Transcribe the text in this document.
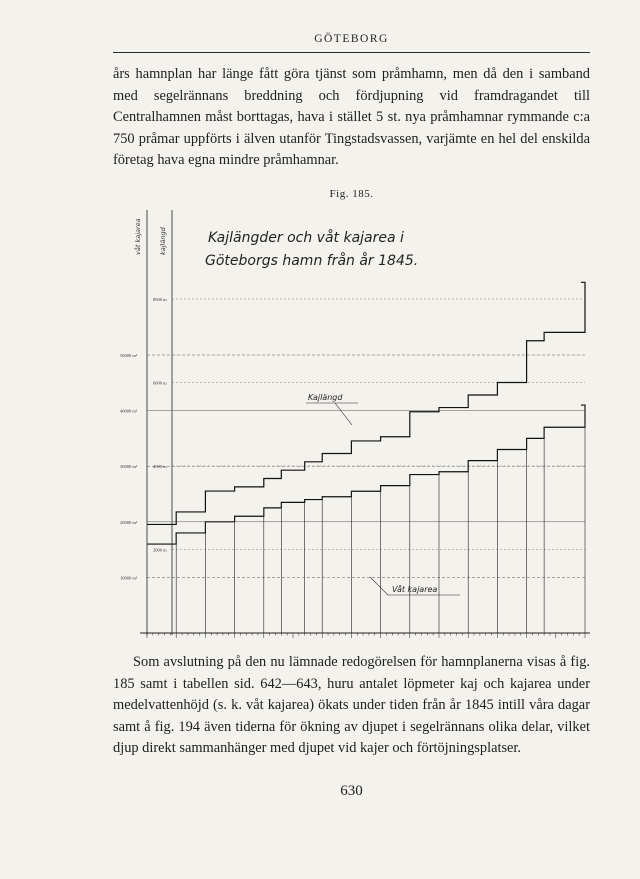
GÖTEBORG

års hamnplan har länge fått göra tjänst som pråmhamn, men då den i samband med segelrännans breddning och fördjupning vid framdragandet till Centralhamnen måst borttagas, hava i stället 5 st. nya pråmhamnar rymmande c:a 750 pråmar uppförts i älven utanför Tingstadsvassen, varjämte en hel del enskilda företag hava egna mindre pråmhamnar.

Fig. 185.
våt kajarea	kajlängd	Kajlängder och våt kajarea i
Göteborgs hamn från år 1845.
10000 m²
20000 m²
30000 m²
40000 m²
50000 m²
2000 m
4000 m
6000 m
8000 m
Kajlängd
Våt kajarea

Som avslutning på den nu lämnade redogörelsen för hamnplanerna visas å fig. 185 samt i tabellen sid. 642—643, huru antalet löpmeter kaj och kajarea under medelvattenhöjd (s. k. våt kajarea) ökats under tiden från år 1845 intill våra dagar samt å fig. 194 även tiderna för ökning av djupet i segelrännans olika delar, vilket djup direkt sammanhänger med djupet vid kajer och förtöjningsplatser.

630
